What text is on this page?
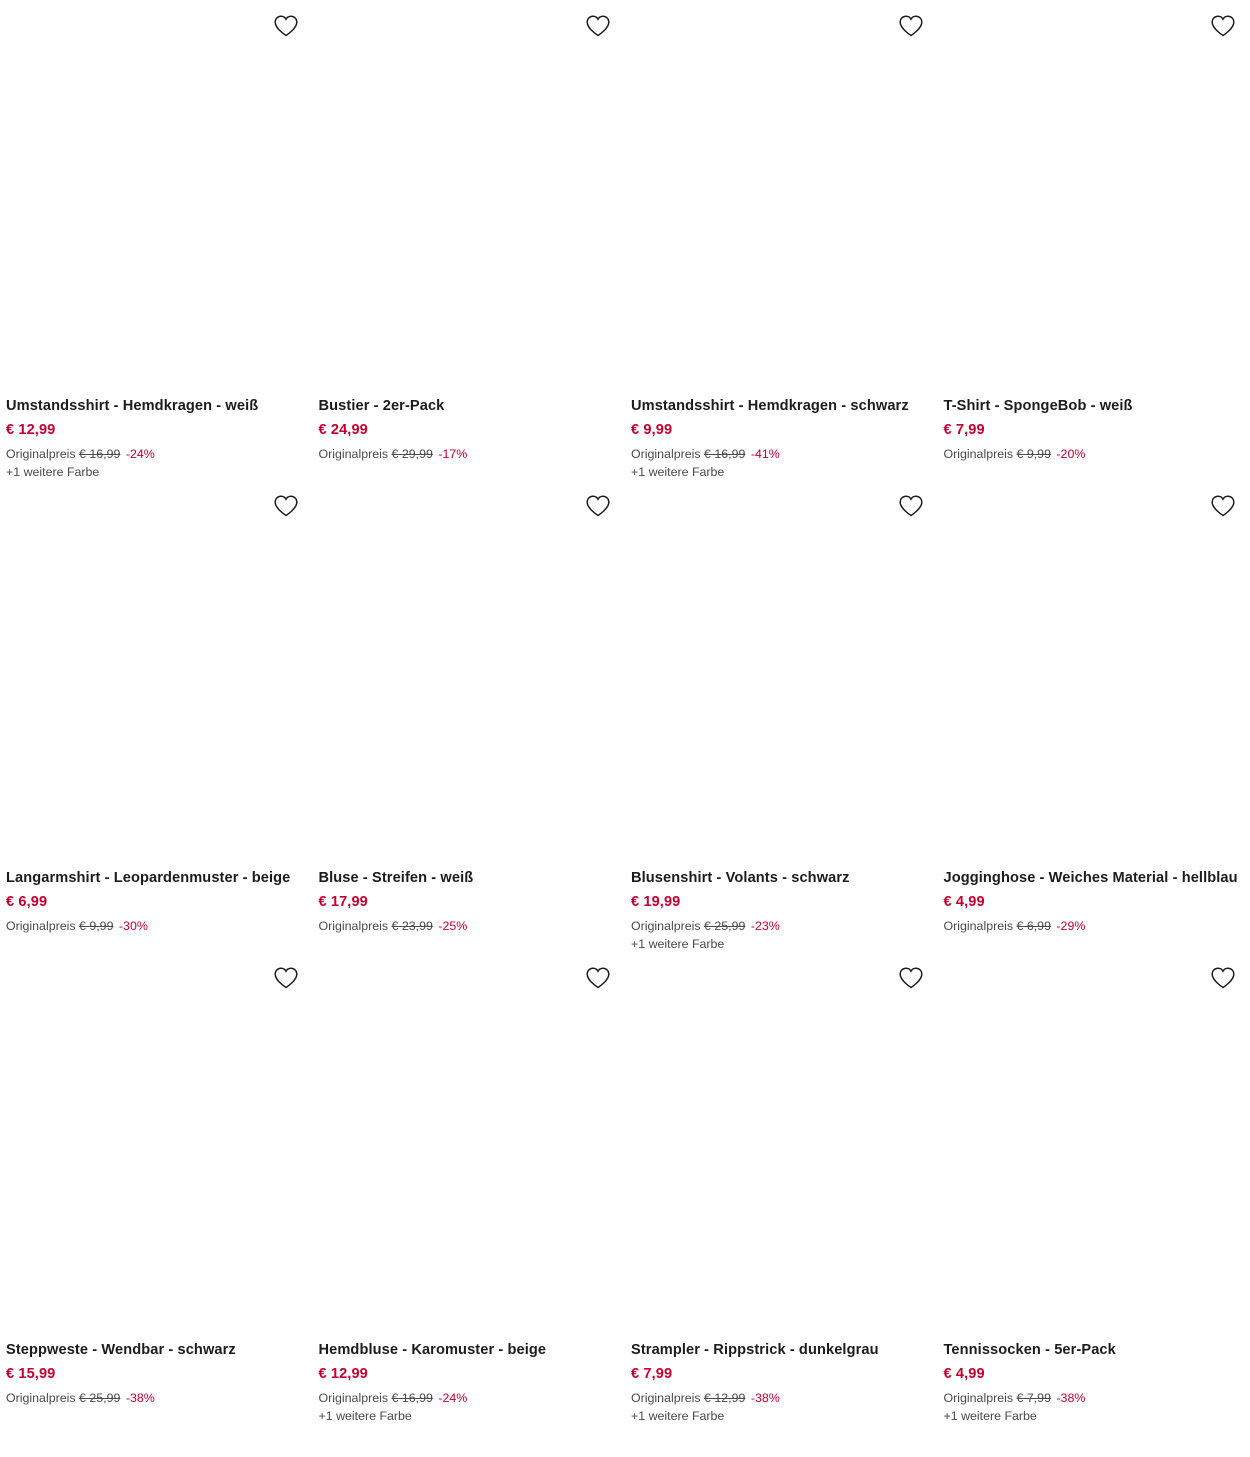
Umstandsshirt - Hemdkragen - weiß
€ 12,99
Originalpreis € 16,99 -24%
+1 weitere Farbe
Bustier - 2er-Pack
€ 24,99
Originalpreis € 29,99 -17%
Umstandsshirt - Hemdkragen - schwarz
€ 9,99
Originalpreis € 16,99 -41%
+1 weitere Farbe
T-Shirt - SpongeBob - weiß
€ 7,99
Originalpreis € 9,99 -20%
Langarmshirt - Leopardenmuster - beige
€ 6,99
Originalpreis € 9,99 -30%
Bluse - Streifen - weiß
€ 17,99
Originalpreis € 23,99 -25%
Blusenshirt - Volants - schwarz
€ 19,99
Originalpreis € 25,99 -23%
+1 weitere Farbe
Jogginghose - Weiches Material - hellblau
€ 4,99
Originalpreis € 6,99 -29%
Steppweste - Wendbar - schwarz
€ 15,99
Originalpreis € 25,99 -38%
Hemdbluse - Karomuster - beige
€ 12,99
Originalpreis € 16,99 -24%
+1 weitere Farbe
Strampler - Rippstrick - dunkelgrau
€ 7,99
Originalpreis € 12,99 -38%
+1 weitere Farbe
Tennissocken - 5er-Pack
€ 4,99
Originalpreis € 7,99 -38%
+1 weitere Farbe
